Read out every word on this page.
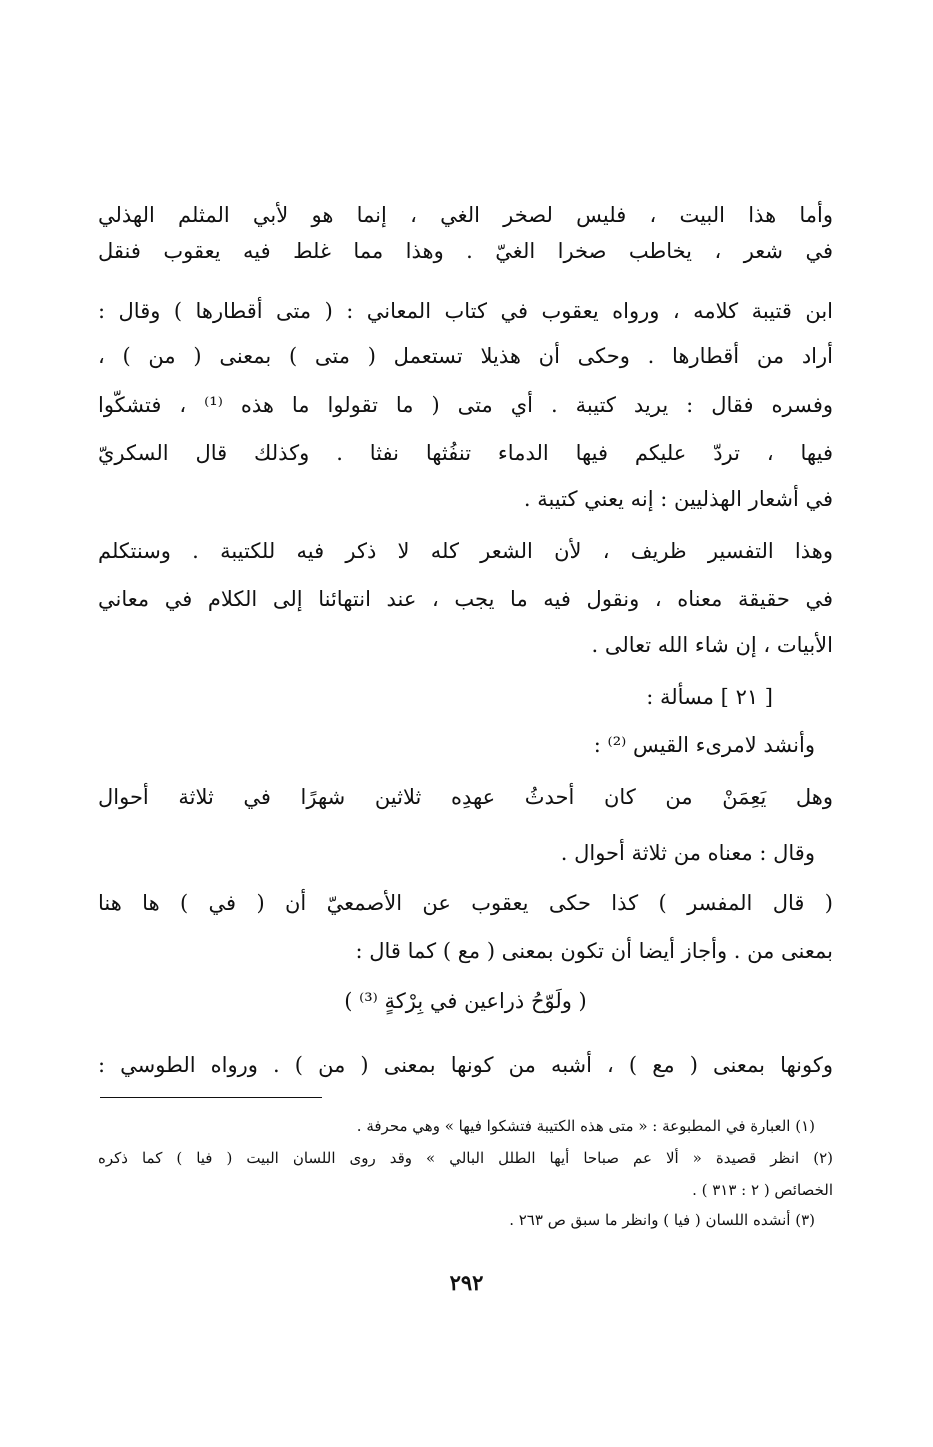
وأما هذا البيت ، فليس لصخر الغي ، إنما هو لأبي المثلم الهذلي
في شعر ، يخاطب صخرا الغيّ . وهذا مما غلط فيه يعقوب فنقل
ابن قتيبة كلامه ، ورواه يعقوب في كتاب المعاني : ( متى أقطارها ) وقال :
أراد من أقطارها . وحكى أن هذيلا تستعمل ( متى ) بمعنى ( من ) ،
وفسره فقال : يريد كتيبة . أي متى ( ما تقولوا ما هذه ⁽¹⁾ ، فتشكّوا
فيها ، تردّ عليكم فيها الدماء تنفُثها نفثا . وكذلك قال السكريّ
في أشعار الهذليين : إنه يعني كتيبة .
وهذا التفسير ظريف ، لأن الشعر كله لا ذكر فيه للكتيبة . وسنتكلم
في حقيقة معناه ، ونقول فيه ما يجب ، عند انتهائنا إلى الكلام في معاني
الأبيات ، إن شاء الله تعالى .
[ ٢١ ] مسألة :
وأنشد لامرىء القيس ⁽²⁾ :
وهل يَعِمَنْ من كان أحدثُ عهدِه ثلاثين شهرًا في ثلاثة أحوال
وقال : معناه من ثلاثة أحوال .
( قال المفسر ) كذا حكى يعقوب عن الأصمعيّ أن ( في ) ها هنا
بمعنى من . وأجاز أيضا أن تكون بمعنى ( مع ) كما قال :
( ولَوّحُ ذراعين في بِرْكةٍ ⁽³⁾ )
وكونها بمعنى ( مع ) ، أشبه من كونها بمعنى ( من ) . ورواه الطوسي :
(١) العبارة في المطبوعة : « متى هذه الكتيبة فتشكوا فيها » وهي محرفة .
(٢) انظر قصيدة « ألا عم صباحا أيها الطلل البالي » وقد روى اللسان البيت ( فيا ) كما ذكره
الخصائص ( ٢ : ٣١٣ ) .
(٣) أنشده اللسان ( فيا ) وانظر ما سبق ص ٢٦٣ .
٢٩٢
